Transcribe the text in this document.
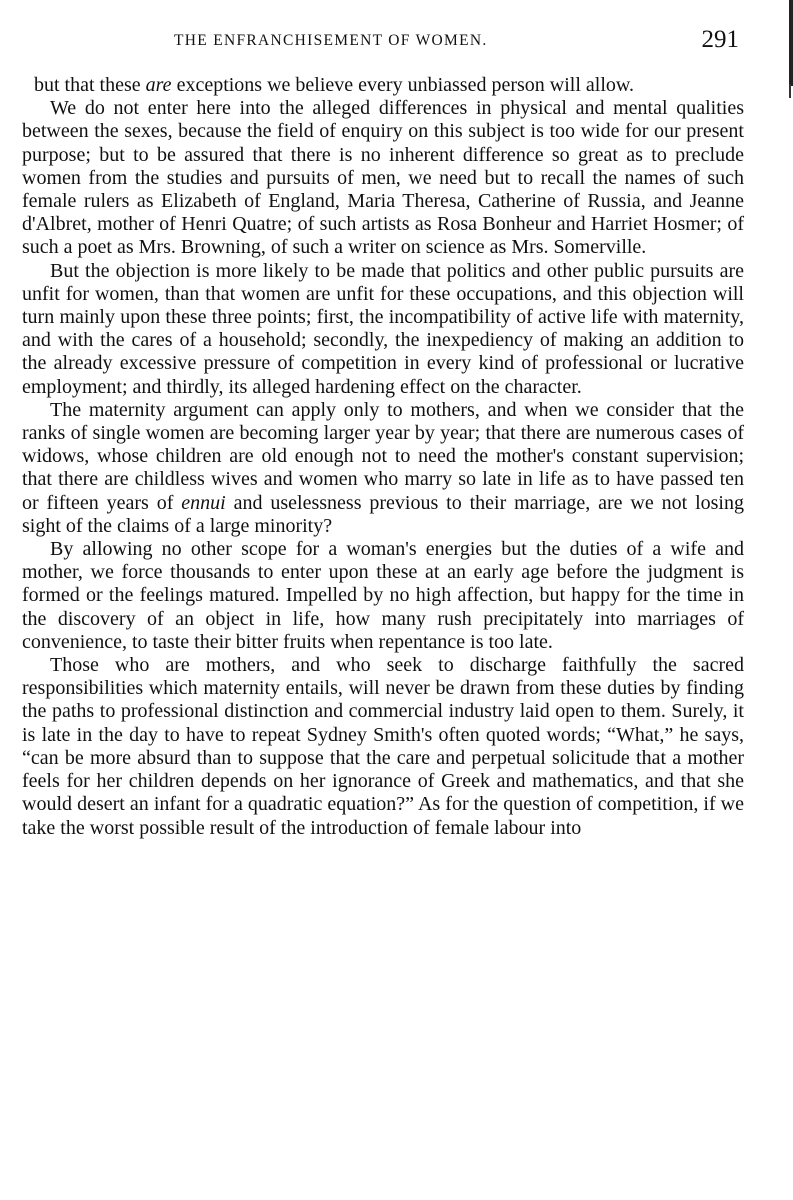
THE ENFRANCHISEMENT OF WOMEN.	291

but that these are exceptions we believe every unbiassed person will allow.

We do not enter here into the alleged differences in physical and mental qualities between the sexes, because the field of enquiry on this subject is too wide for our present purpose; but to be assured that there is no inherent difference so great as to preclude women from the studies and pursuits of men, we need but to recall the names of such female rulers as Elizabeth of England, Maria Theresa, Catherine of Russia, and Jeanne d'Albret, mother of Henri Quatre; of such artists as Rosa Bonheur and Harriet Hosmer; of such a poet as Mrs. Browning, of such a writer on science as Mrs. Somerville.

But the objection is more likely to be made that politics and other public pursuits are unfit for women, than that women are unfit for these occupations, and this objection will turn mainly upon these three points; first, the incompatibility of active life with maternity, and with the cares of a household; secondly, the inexpediency of making an addition to the already excessive pressure of competition in every kind of professional or lucrative employment; and thirdly, its alleged hardening effect on the character.

The maternity argument can apply only to mothers, and when we consider that the ranks of single women are becoming larger year by year; that there are numerous cases of widows, whose children are old enough not to need the mother's constant supervision; that there are childless wives and women who marry so late in life as to have passed ten or fifteen years of ennui and uselessness previous to their marriage, are we not losing sight of the claims of a large minority?

By allowing no other scope for a woman's energies but the duties of a wife and mother, we force thousands to enter upon these at an early age before the judgment is formed or the feelings matured. Impelled by no high affection, but happy for the time in the discovery of an object in life, how many rush precipitately into marriages of convenience, to taste their bitter fruits when repentance is too late.

Those who are mothers, and who seek to discharge faithfully the sacred responsibilities which maternity entails, will never be drawn from these duties by finding the paths to professional distinction and commercial industry laid open to them. Surely, it is late in the day to have to repeat Sydney Smith's often quoted words; “What,” he says, “can be more absurd than to suppose that the care and perpetual solicitude that a mother feels for her children depends on her ignorance of Greek and mathematics, and that she would desert an infant for a quadratic equation?” As for the question of competition, if we take the worst possible result of the introduction of female labour into
